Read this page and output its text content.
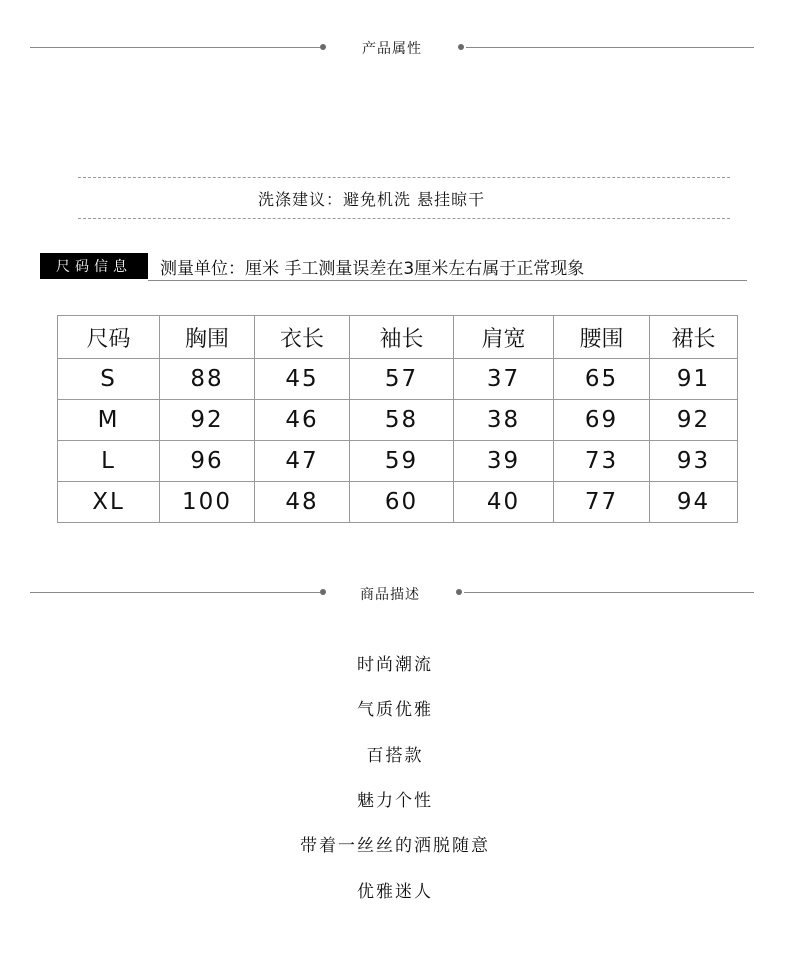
产品属性
洗涤建议：避免机洗 悬挂晾干
尺码信息	测量单位：厘米 手工测量误差在3厘米左右属于正常现象
尺码	胸围	衣长	袖长	肩宽	腰围	裙长
S	88	45	57	37	65	91
M	92	46	58	38	69	92
L	96	47	59	39	73	93
XL	100	48	60	40	77	94
商品描述
时尚潮流
气质优雅
百搭款
魅力个性
带着一丝丝的洒脱随意
优雅迷人
